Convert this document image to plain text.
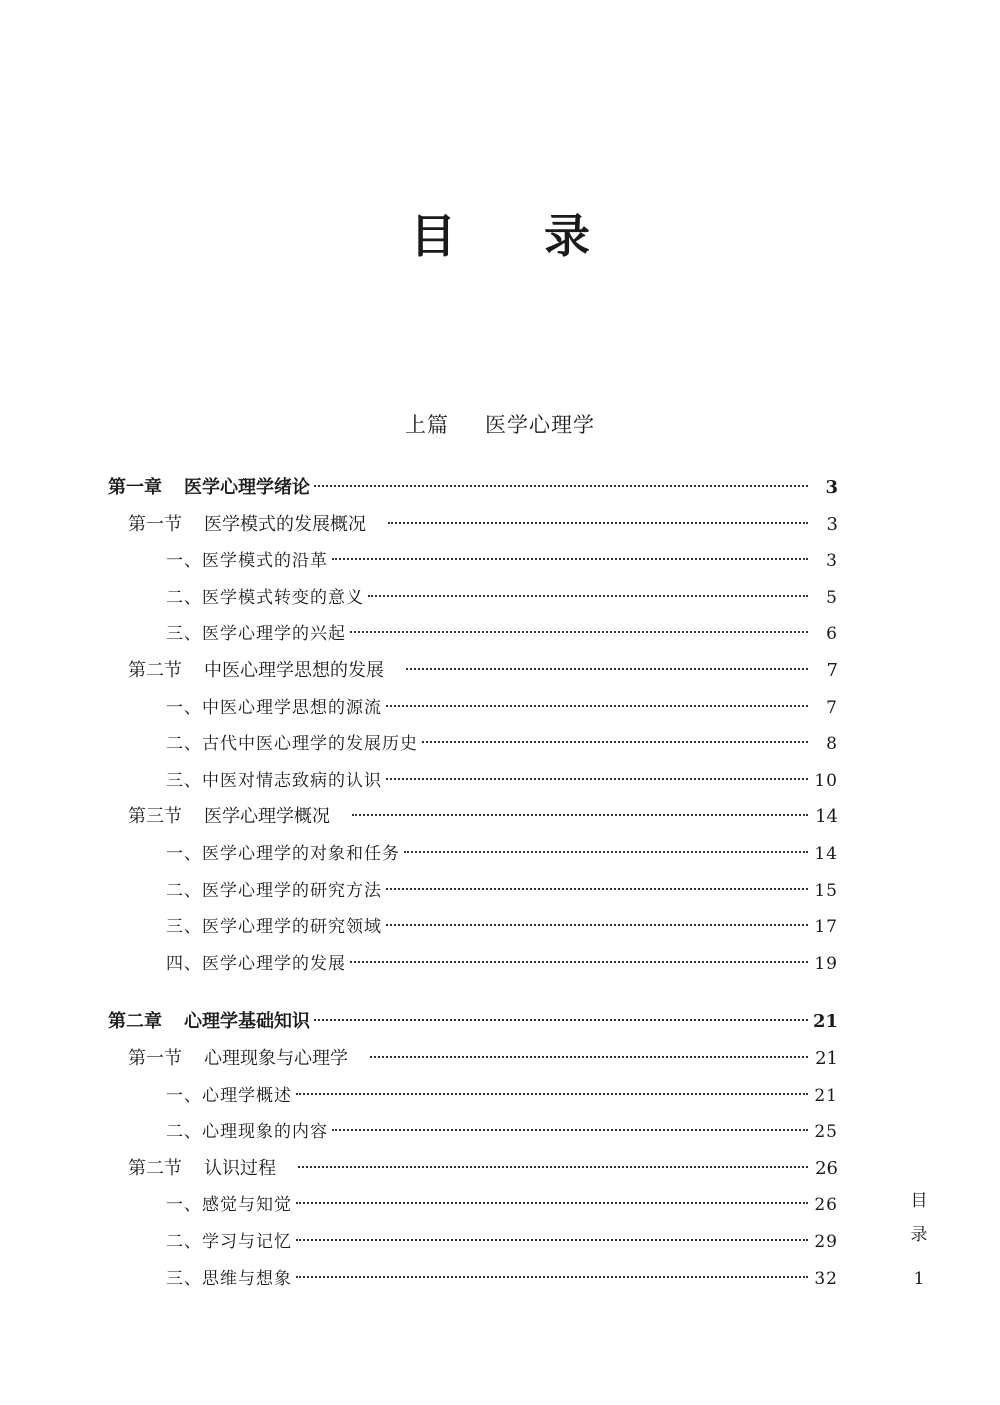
目 录
上篇 医学心理学
第一章 医学心理学绪论	3
第一节 医学模式的发展概况	3
一、医学模式的沿革	3
二、医学模式转变的意义	5
三、医学心理学的兴起	6
第二节 中医心理学思想的发展	7
一、中医心理学思想的源流	7
二、古代中医心理学的发展历史	8
三、中医对情志致病的认识	10
第三节 医学心理学概况	14
一、医学心理学的对象和任务	14
二、医学心理学的研究方法	15
三、医学心理学的研究领域	17
四、医学心理学的发展	19
第二章 心理学基础知识	21
第一节 心理现象与心理学	21
一、心理学概述	21
二、心理现象的内容	25
第二节 认识过程	26
一、感觉与知觉	26
二、学习与记忆	29
三、思维与想象	32
目
录
1
